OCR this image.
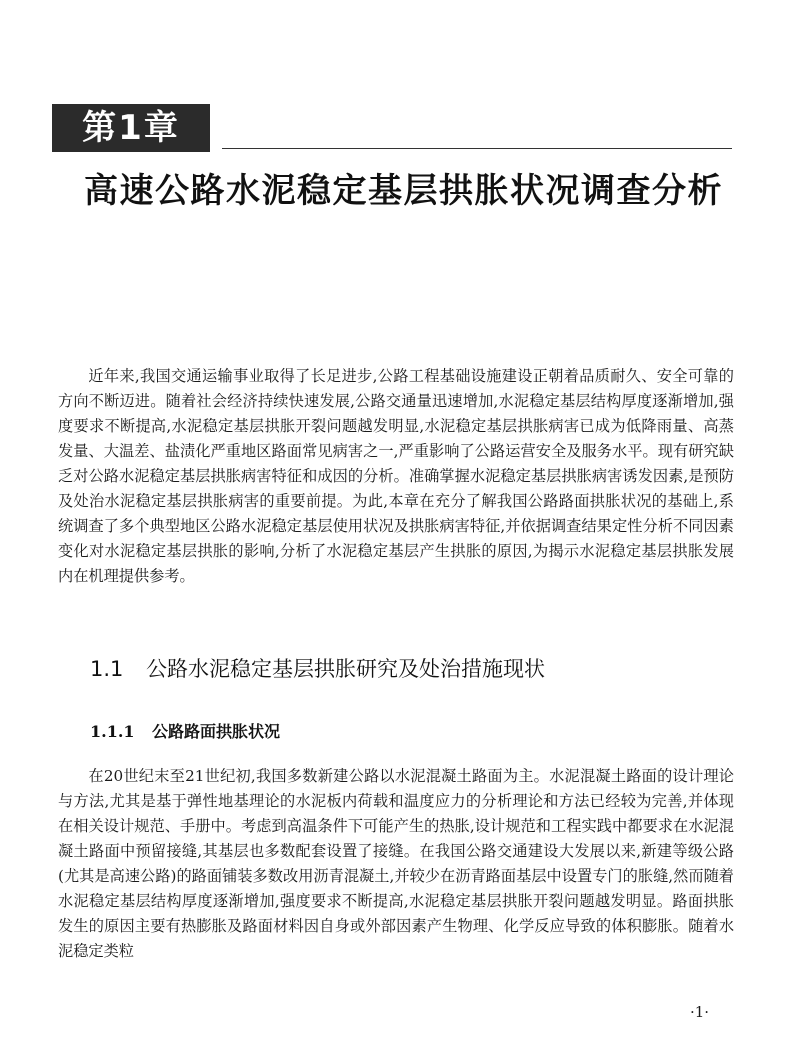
第1章
高速公路水泥稳定基层拱胀状况调查分析

近年来,我国交通运输事业取得了长足进步,公路工程基础设施建设正朝着品质耐久、安全可靠的方向不断迈进。随着社会经济持续快速发展,公路交通量迅速增加,水泥稳定基层结构厚度逐渐增加,强度要求不断提高,水泥稳定基层拱胀开裂问题越发明显,水泥稳定基层拱胀病害已成为低降雨量、高蒸发量、大温差、盐渍化严重地区路面常见病害之一,严重影响了公路运营安全及服务水平。现有研究缺乏对公路水泥稳定基层拱胀病害特征和成因的分析。准确掌握水泥稳定基层拱胀病害诱发因素,是预防及处治水泥稳定基层拱胀病害的重要前提。为此,本章在充分了解我国公路路面拱胀状况的基础上,系统调查了多个典型地区公路水泥稳定基层使用状况及拱胀病害特征,并依据调查结果定性分析不同因素变化对水泥稳定基层拱胀的影响,分析了水泥稳定基层产生拱胀的原因,为揭示水泥稳定基层拱胀发展内在机理提供参考。

1.1 公路水泥稳定基层拱胀研究及处治措施现状
1.1.1 公路路面拱胀状况

在20世纪末至21世纪初,我国多数新建公路以水泥混凝土路面为主。水泥混凝土路面的设计理论与方法,尤其是基于弹性地基理论的水泥板内荷载和温度应力的分析理论和方法已经较为完善,并体现在相关设计规范、手册中。考虑到高温条件下可能产生的热胀,设计规范和工程实践中都要求在水泥混凝土路面中预留接缝,其基层也多数配套设置了接缝。在我国公路交通建设大发展以来,新建等级公路(尤其是高速公路)的路面铺装多数改用沥青混凝土,并较少在沥青路面基层中设置专门的胀缝,然而随着水泥稳定基层结构厚度逐渐增加,强度要求不断提高,水泥稳定基层拱胀开裂问题越发明显。路面拱胀发生的原因主要有热膨胀及路面材料因自身或外部因素产生物理、化学反应导致的体积膨胀。随着水泥稳定类粒

·1·
